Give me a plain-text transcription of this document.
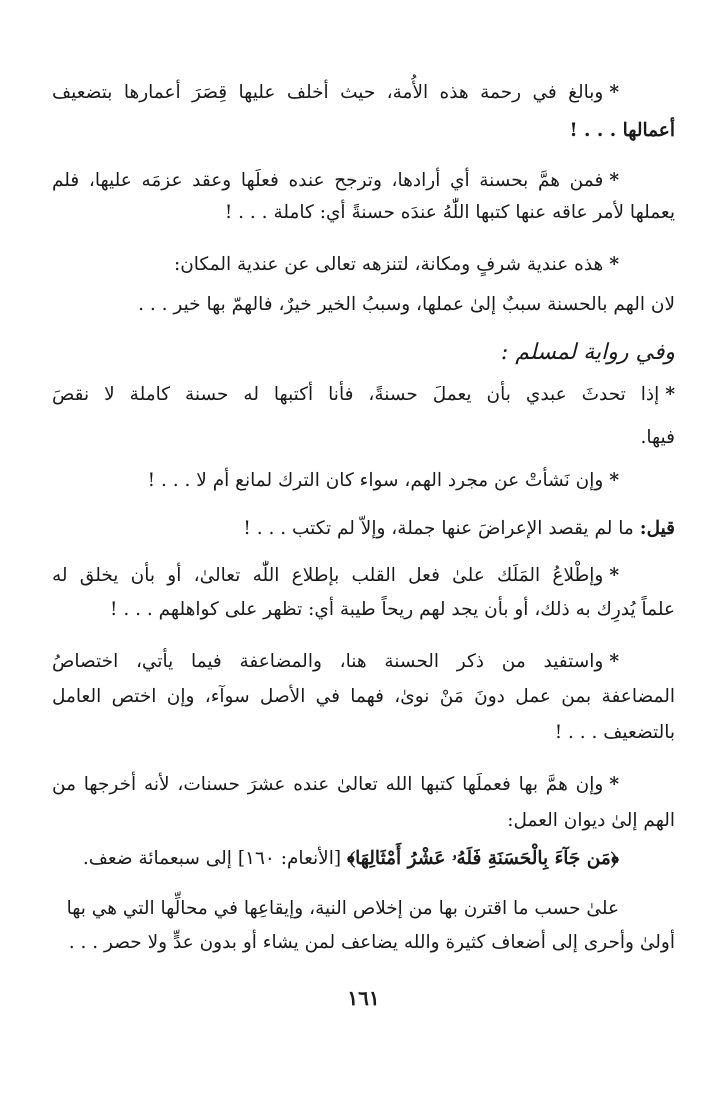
*وبالغ في رحمة هذه الأُمة، حيث أخلف عليها قِصَرَ أعمارها بتضعيف
أعمالها . . . !
*فمن همَّ بحسنة أي أرادها، وترجح عنده فعلَها وعقد عزمَه عليها، فلم
يعملها لأمر عاقه عنها كتبها اللّٰهُ عندَه حسنةً أي: كاملة . . . !
*هذه عندية شرفٍ ومكانة، لتنزهه تعالى عن عندية المكان:
لان الهم بالحسنة سببٌ إلىٰ عملها، وسببُ الخير خيرٌ، فالهمّ بها خير . . .
وفي رواية لمسلم :
*إذا تحدثَ عبدي بأن يعملَ حسنةً، فأنا أكتبها له حسنة كاملة لا نقصَ
فيها.
*وإن نَشأتْ عن مجرد الهم، سواء كان الترك لمانع أم لا . . . !
قيل: ما لم يقصد الإعراضَ عنها جملة، وإلاّ لم تكتب . . . !
*وإطْلاعُ المَلَك علىٰ فعل القلب بإطلاع اللّٰه تعالىٰ، أو بأن يخلق له
علماً يُدرِك به ذلك، أو بأن يجد لهم ريحاً طيبة أي: تظهر على كواهلهم . . . !
*واستفيد من ذكر الحسنة هنا، والمضاعفة فيما يأتي، اختصاصُ
المضاعفة بمن عمل دونَ مَنْ نوىٰ، فهما في الأصل سوآء، وإن اختص العامل
بالتضعيف . . . !
*وإن همَّ بها فعملَها كتبها الله تعالىٰ عنده عشرَ حسنات، لأنه أخرجها من
الهم إلىٰ ديوان العمل:
﴿مَن جَآءَ بِالْحَسَنَةِ فَلَهُۥ عَشْرُ أَمْثَالِهَا﴾ [الأنعام: ١٦٠] إلى سبعمائة ضعف.
علىٰ حسب ما اقترن بها من إخلاص النية، وإيقاعِها في محالِّها التي هي بها
أولىٰ وأحرى إلى أضعاف كثيرة والله يضاعف لمن يشاء أو بدون عدٍّ ولا حصر . . .
١٦١
